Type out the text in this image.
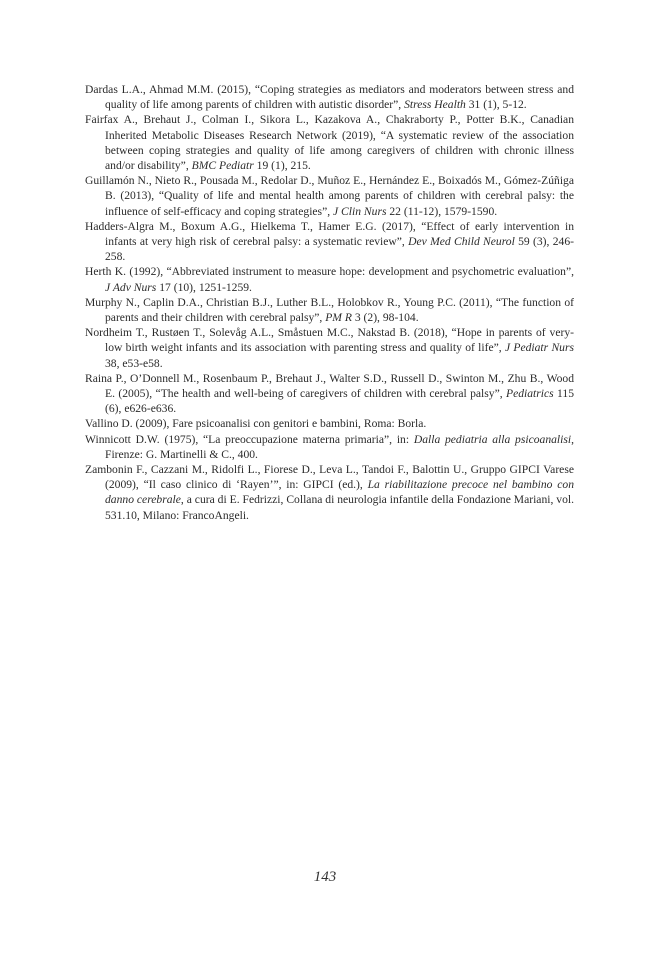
Dardas L.A., Ahmad M.M. (2015), “Coping strategies as mediators and moderators between stress and quality of life among parents of children with autistic disorder”, Stress Health 31 (1), 5-12.

Fairfax A., Brehaut J., Colman I., Sikora L., Kazakova A., Chakraborty P., Potter B.K., Canadian Inherited Metabolic Diseases Research Network (2019), “A systematic review of the association between coping strategies and quality of life among caregivers of children with chronic illness and/or disability”, BMC Pediatr 19 (1), 215.

Guillamón N., Nieto R., Pousada M., Redolar D., Muñoz E., Hernández E., Boixadós M., Gómez-Zúñiga B. (2013), “Quality of life and mental health among parents of children with cerebral palsy: the influence of self-efficacy and coping strategies”, J Clin Nurs 22 (11-12), 1579-1590.

Hadders-Algra M., Boxum A.G., Hielkema T., Hamer E.G. (2017), “Effect of early intervention in infants at very high risk of cerebral palsy: a systematic review”, Dev Med Child Neurol 59 (3), 246-258.

Herth K. (1992), “Abbreviated instrument to measure hope: development and psychometric evaluation”, J Adv Nurs 17 (10), 1251-1259.

Murphy N., Caplin D.A., Christian B.J., Luther B.L., Holobkov R., Young P.C. (2011), “The function of parents and their children with cerebral palsy”, PM R 3 (2), 98-104.

Nordheim T., Rustøen T., Solevåg A.L., Småstuen M.C., Nakstad B. (2018), “Hope in parents of very-low birth weight infants and its association with parenting stress and quality of life”, J Pediatr Nurs 38, e53-e58.

Raina P., O’Donnell M., Rosenbaum P., Brehaut J., Walter S.D., Russell D., Swinton M., Zhu B., Wood E. (2005), “The health and well-being of caregivers of children with cerebral palsy”, Pediatrics 115 (6), e626-e636.

Vallino D. (2009), Fare psicoanalisi con genitori e bambini, Roma: Borla.

Winnicott D.W. (1975), “La preoccupazione materna primaria”, in: Dalla pediatria alla psicoanalisi, Firenze: G. Martinelli & C., 400.

Zambonin F., Cazzani M., Ridolfi L., Fiorese D., Leva L., Tandoi F., Balottin U., Gruppo GIPCI Varese (2009), “Il caso clinico di ‘Rayen’”, in: GIPCI (ed.), La riabilitazione precoce nel bambino con danno cerebrale, a cura di E. Fedrizzi, Collana di neurologia infantile della Fondazione Mariani, vol. 531.10, Milano: FrancoAngeli.

143
